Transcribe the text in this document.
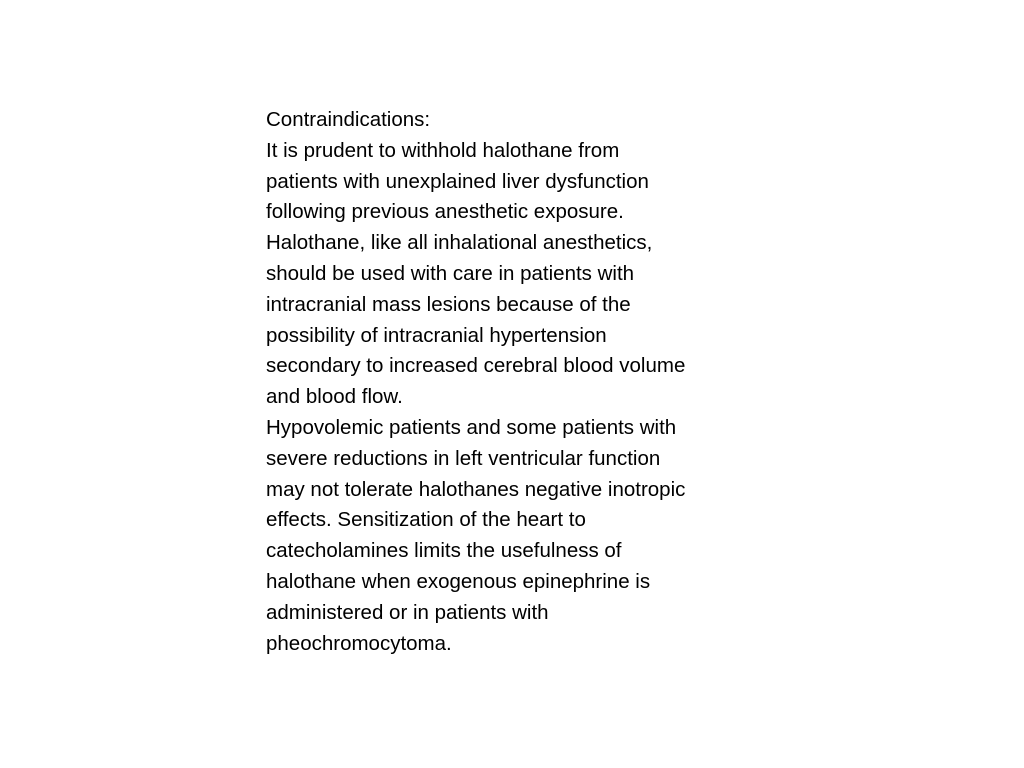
Contraindications:
It is prudent to withhold halothane from
patients with unexplained liver dysfunction
following previous anesthetic exposure.
Halothane, like all inhalational anesthetics,
should be used with care in patients with
intracranial mass lesions because of the
possibility of intracranial hypertension
secondary to increased cerebral blood volume
and blood flow.
Hypovolemic patients and some patients with
severe reductions in left ventricular function
may not tolerate halothanes negative inotropic
effects. Sensitization of the heart to
catecholamines limits the usefulness of
halothane when exogenous epinephrine is
administered or in patients with
pheochromocytoma.
